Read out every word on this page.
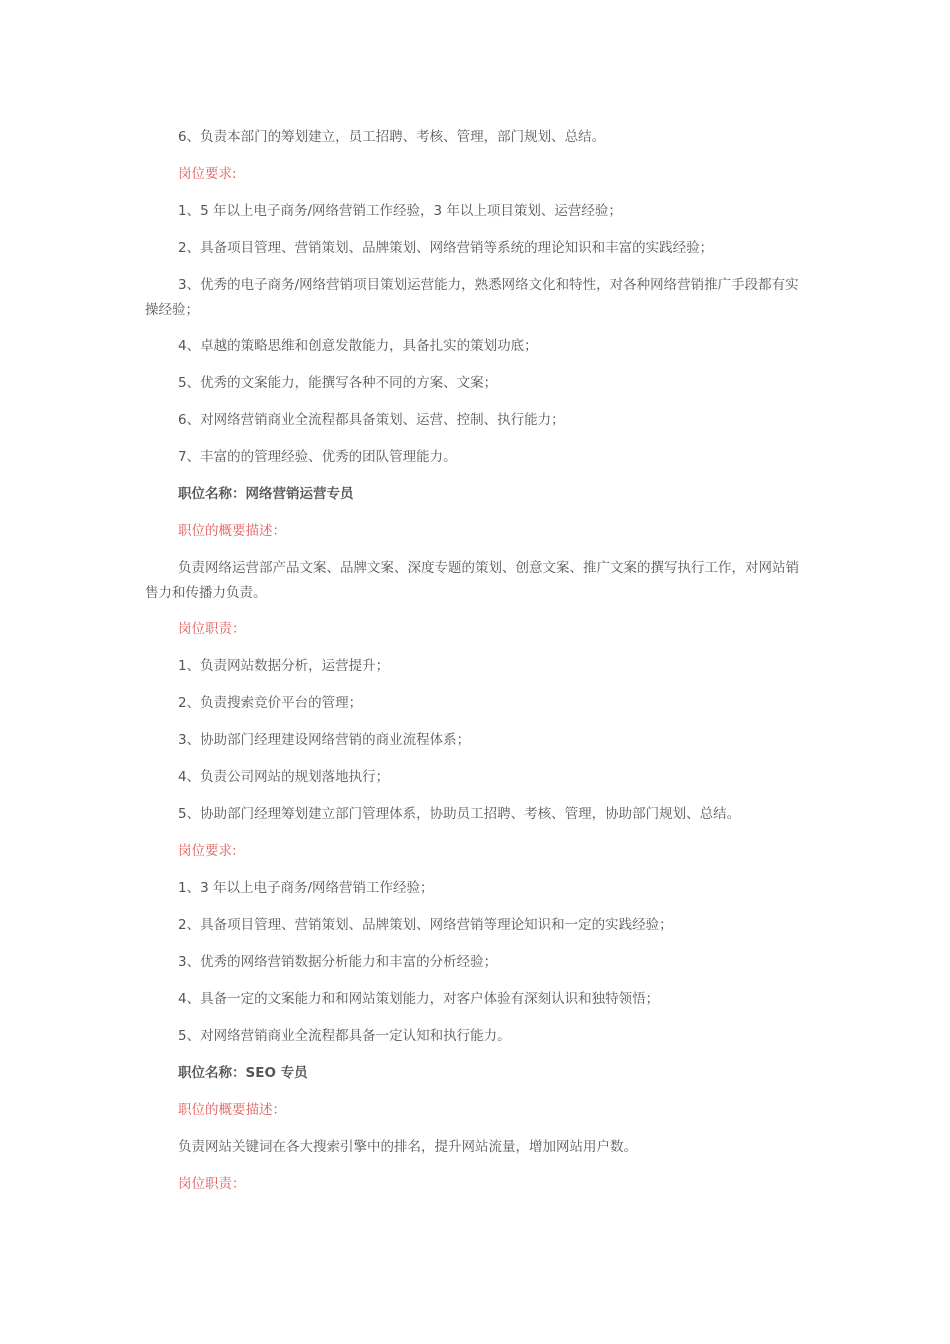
6、负责本部门的筹划建立，员工招聘、考核、管理，部门规划、总结。

岗位要求:

1、5 年以上电子商务/网络营销工作经验，3 年以上项目策划、运营经验；

2、具备项目管理、营销策划、品牌策划、网络营销等系统的理论知识和丰富的实践经验；

3、优秀的电子商务/网络营销项目策划运营能力，熟悉网络文化和特性，对各种网络营销推广手段都有实操经验；

4、卓越的策略思维和创意发散能力，具备扎实的策划功底；

5、优秀的文案能力，能撰写各种不同的方案、文案；

6、对网络营销商业全流程都具备策划、运营、控制、执行能力；

7、丰富的的管理经验、优秀的团队管理能力。

职位名称：网络营销运营专员

职位的概要描述：

负责网络运营部产品文案、品牌文案、深度专题的策划、创意文案、推广文案的撰写执行工作，对网站销售力和传播力负责。

岗位职责：

1、负责网站数据分析，运营提升；

2、负责搜索竞价平台的管理；

3、协助部门经理建设网络营销的商业流程体系；

4、负责公司网站的规划落地执行；

5、协助部门经理筹划建立部门管理体系，协助员工招聘、考核、管理，协助部门规划、总结。

岗位要求:

1、3 年以上电子商务/网络营销工作经验；

2、具备项目管理、营销策划、品牌策划、网络营销等理论知识和一定的实践经验；

3、优秀的网络营销数据分析能力和丰富的分析经验；

4、具备一定的文案能力和和网站策划能力，对客户体验有深刻认识和独特领悟；

5、对网络营销商业全流程都具备一定认知和执行能力。

职位名称：SEO 专员

职位的概要描述：

负责网站关键词在各大搜索引擎中的排名，提升网站流量，增加网站用户数。

岗位职责：
